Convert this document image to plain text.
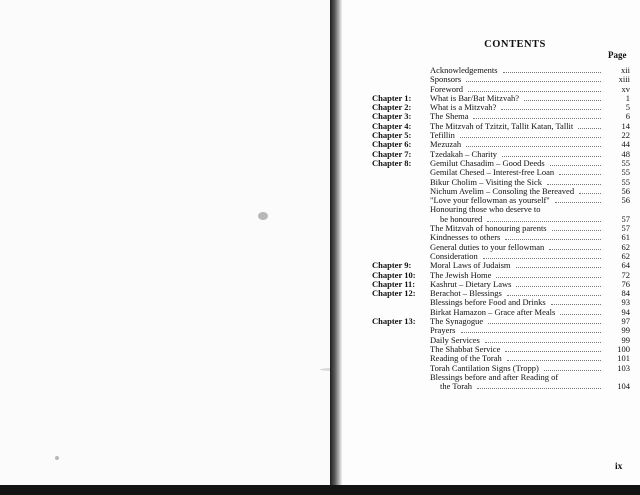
CONTENTS
Page
Acknowledgements	xii
Sponsors	xiii
Foreword	xv
Chapter 1:	What is Bar/Bat Mitzvah?	1
Chapter 2:	What is a Mitzvah?	5
Chapter 3:	The Shema	6
Chapter 4:	The Mitzvah of Tzitzit, Tallit Katan, Tallit	14
Chapter 5:	Tefillin	22
Chapter 6:	Mezuzah	44
Chapter 7:	Tzedakah – Charity	48
Chapter 8:	Gemilut Chasadim – Good Deeds	55
Gemilat Chesed – Interest-free Loan	55
Bikur Cholim – Visiting the Sick	55
Nichum Avelim – Consoling the Bereaved	56
"Love your fellowman as yourself"	56
Honouring those who deserve to
be honoured	57
The Mitzvah of honouring parents	57
Kindnesses to others	61
General duties to your fellowman	62
Consideration	62
Chapter 9:	Moral Laws of Judaism	64
Chapter 10:	The Jewish Home	72
Chapter 11:	Kashrut – Dietary Laws	76
Chapter 12:	Berachot – Blessings	84
Blessings before Food and Drinks	93
Birkat Hamazon – Grace after Meals	94
Chapter 13:	The Synagogue	97
Prayers	99
Daily Services	99
The Shabbat Service	100
Reading of the Torah	101
Torah Cantilation Signs (Tropp)	103
Blessings before and after Reading of
the Torah	104
ix
